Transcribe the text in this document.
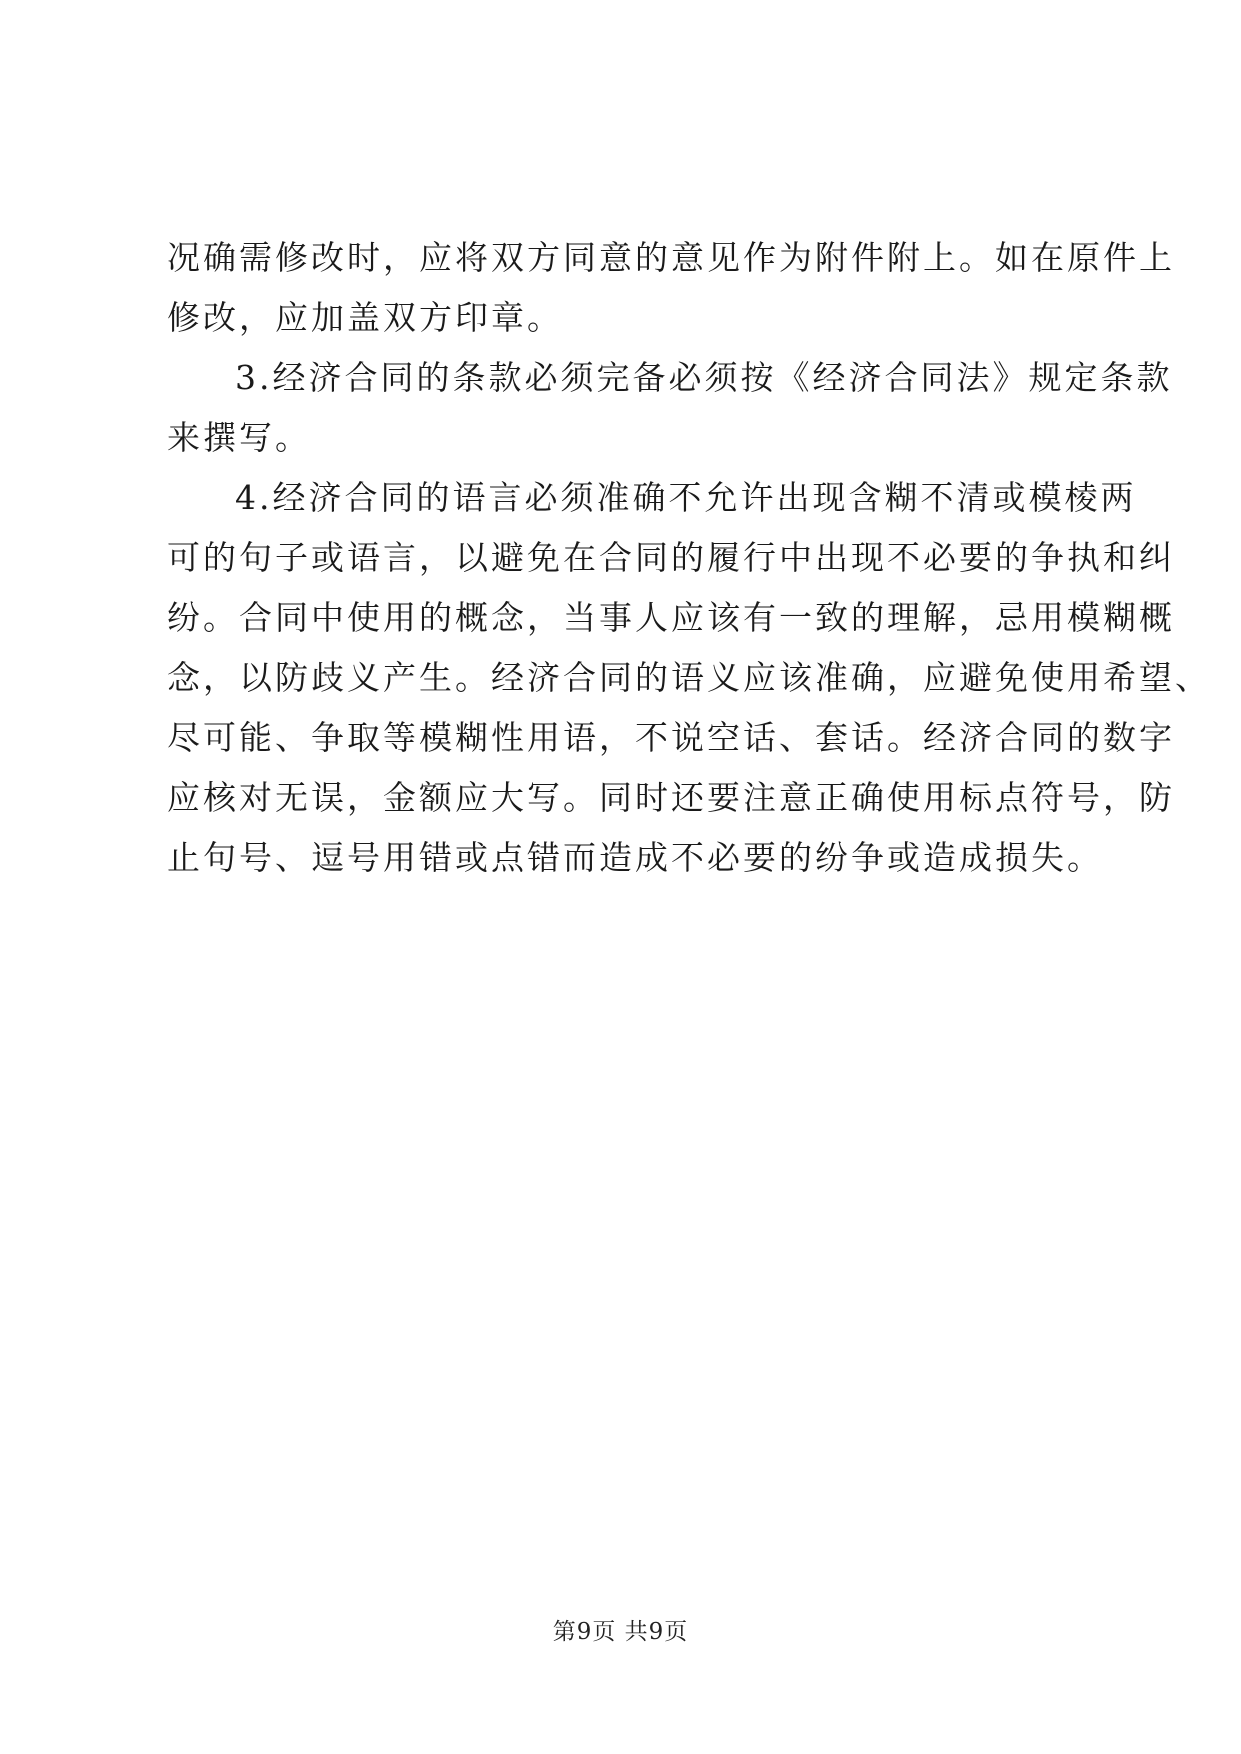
况确需修改时，应将双方同意的意见作为附件附上。如在原件上
修改，应加盖双方印章。
3.经济合同的条款必须完备必须按《经济合同法》规定条款
来撰写。
4.经济合同的语言必须准确不允许出现含糊不清或模棱两
可的句子或语言，以避免在合同的履行中出现不必要的争执和纠
纷。合同中使用的概念，当事人应该有一致的理解，忌用模糊概
念，以防歧义产生。经济合同的语义应该准确，应避免使用希望、
尽可能、争取等模糊性用语，不说空话、套话。经济合同的数字
应核对无误，金额应大写。同时还要注意正确使用标点符号，防
止句号、逗号用错或点错而造成不必要的纷争或造成损失。
第9页 共9页
